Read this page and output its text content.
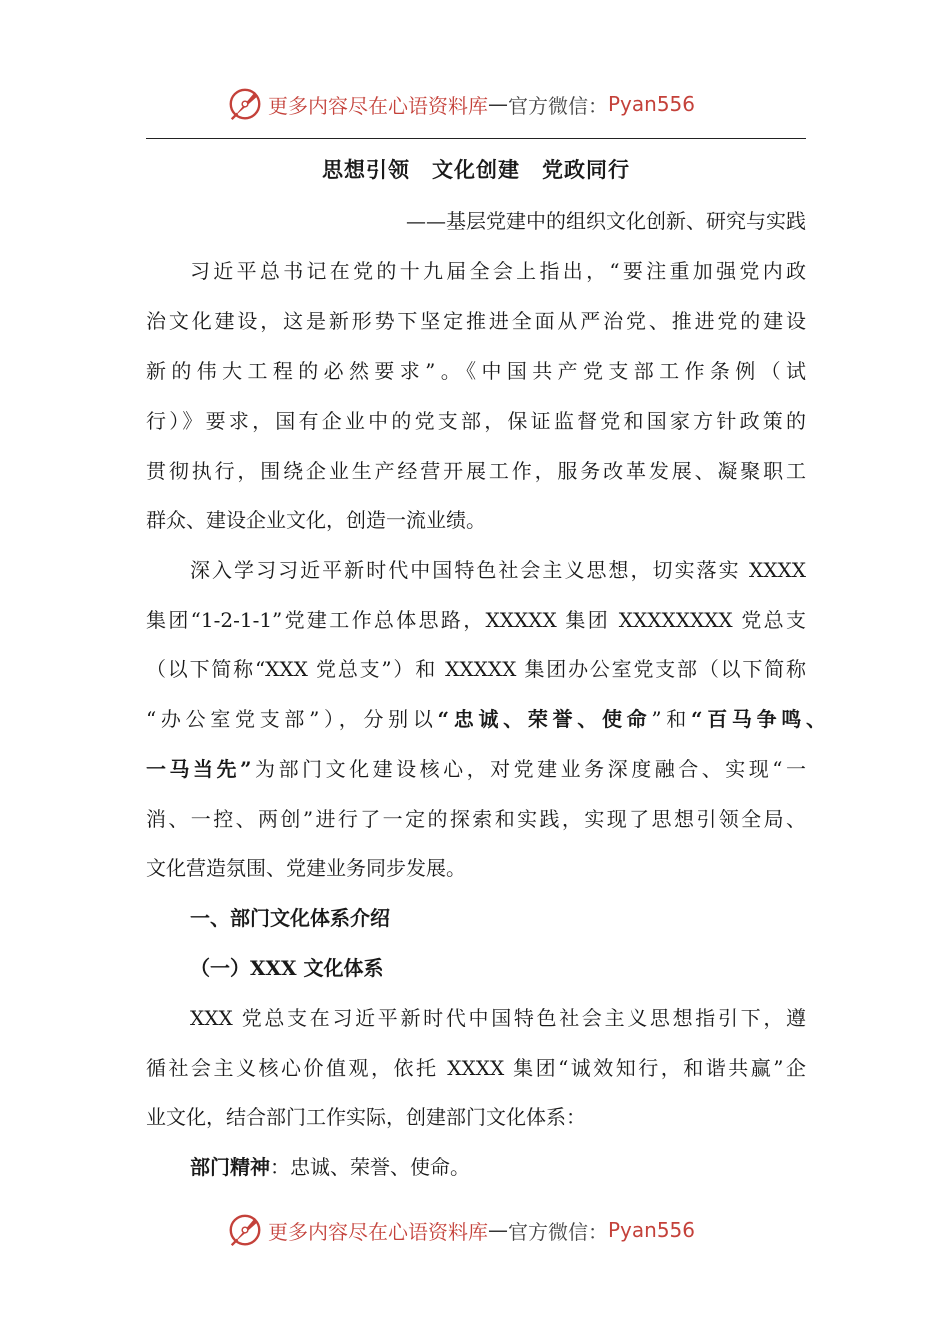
更多内容尽在心语资料库 — 官方微信： Pyan556
思想引领　文化创建　党政同行
——基层党建中的组织文化创新、研究与实践
习近平总书记在党的十九届全会上指出，“要注重加强党内政
治文化建设，这是新形势下坚定推进全面从严治党、推进党的建设
新的伟大工程的必然要求”。《中国共产党支部工作条例（试
行）》要求，国有企业中的党支部，保证监督党和国家方针政策的
贯彻执行，围绕企业生产经营开展工作，服务改革发展、凝聚职工
群众、建设企业文化，创造一流业绩。
深入学习习近平新时代中国特色社会主义思想，切实落实 XXXX
集团“1-2-1-1”党建工作总体思路，XXXXX 集团 XXXXXXXX 党总支
（以下简称“XXX 党总支”）和 XXXXX 集团办公室党支部（以下简称
“办公室党支部”），分别以“忠诚、荣誉、使命”和“百马争鸣、
一马当先”为部门文化建设核心，对党建业务深度融合、实现“一
消、一控、两创”进行了一定的探索和实践，实现了思想引领全局、
文化营造氛围、党建业务同步发展。
一、部门文化体系介绍
（一）XXX 文化体系
XXX 党总支在习近平新时代中国特色社会主义思想指引下，遵
循社会主义核心价值观，依托 XXXX 集团“诚效知行，和谐共赢”企
业文化，结合部门工作实际，创建部门文化体系：
部门精神：忠诚、荣誉、使命。
更多内容尽在心语资料库 — 官方微信： Pyan556
